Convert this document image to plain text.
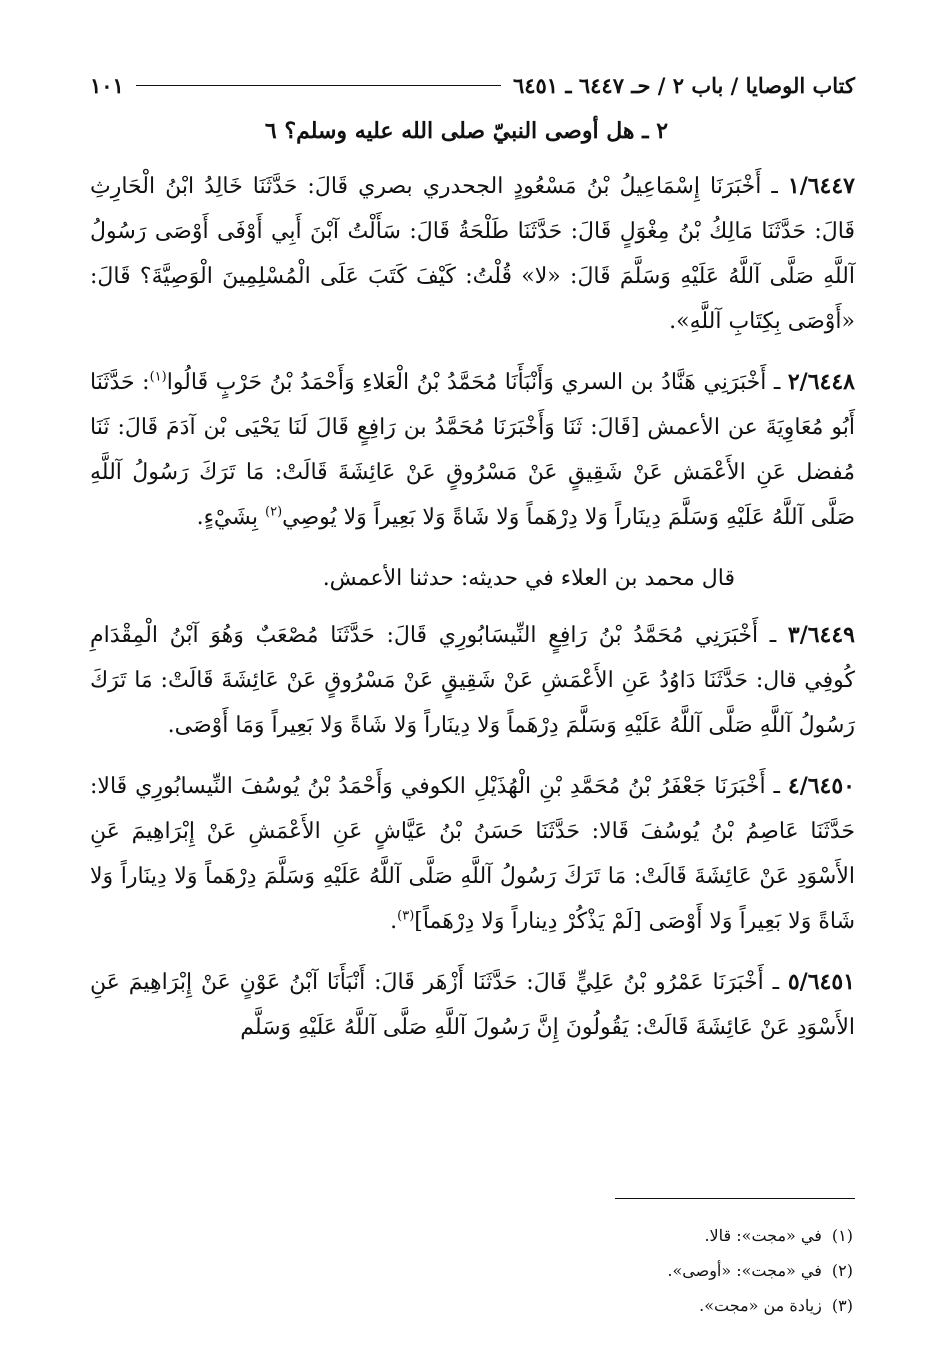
كتاب الوصايا / باب ٢ / حـ ٦٤٤٧ ـ ٦٤٥١
١٠١
٢ ـ هل أوصى النبيّ صلى الله عليه وسلم؟ ٦

١/٦٤٤٧ ـ أَخْبَرَنَا إِسْمَاعِيلُ بْنُ مَسْعُودٍ الجحدري بصري قَالَ: حَدَّثَنَا خَالِدُ ابْنُ الْحَارِثِ قَالَ: حَدَّثَنَا مَالِكُ بْنُ مِغْوَلٍ قَالَ: حَدَّثَنَا طَلْحَةُ قَالَ: سَأَلْتُ آبْنَ أَبِي أَوْفَى أَوْصَى رَسُولُ آللَّهِ صَلَّى آللَّهُ عَلَيْهِ وَسَلَّمَ قَالَ: «لا» قُلْتُ: كَيْفَ كَتَبَ عَلَى الْمُسْلِمِينَ الْوَصِيَّةَ؟ قَالَ: «أَوْصَى بِكِتَابِ آللَّهِ».

٢/٦٤٤٨ ـ أَخْبَرَنِي هَنَّادُ بن السري وَأَنْبَأَنَا مُحَمَّدُ بْنُ الْعَلاءِ وَأَحْمَدُ بْنُ حَرْبٍ قَالُوا$^{(١)}$: حَدَّثَنَا أَبُو مُعَاوِيَةَ عن الأعمش [قَالَ: ثَنَا وَأَخْبَرَنَا مُحَمَّدُ بن رَافِعٍ قَالَ لَنَا يَحْيَى بْن آدَمَ قَالَ: ثَنَا مُفضل عَنِ الأَعْمَش عَنْ شَقِيقٍ عَنْ مَسْرُوقٍ عَنْ عَائِشَةَ قَالَتْ: مَا تَرَكَ رَسُولُ آللَّهِ صَلَّى آللَّهُ عَلَيْهِ وَسَلَّمَ دِينَاراً وَلا دِرْهَماً وَلا شَاةً وَلا بَعِيراً وَلا يُوصِي$^{(٢)}$ بِشَيْءٍ.

قال محمد بن العلاء في حديثه: حدثنا الأعمش.

٣/٦٤٤٩ ـ أَخْبَرَنِي مُحَمَّدُ بْنُ رَافِعٍ النِّيسَابُورِي قَالَ: حَدَّثَنَا مُصْعَبٌ وَهُوَ آبْنُ الْمِقْدَامِ كُوفِي قال: حَدَّثَنَا دَاوُدُ عَنِ الأَعْمَشِ عَنْ شَقِيقٍ عَنْ مَسْرُوقٍ عَنْ عَائِشَةَ قَالَتْ: مَا تَرَكَ رَسُولُ آللَّهِ صَلَّى آللَّهُ عَلَيْهِ وَسَلَّمَ دِرْهَماً وَلا دِينَاراً وَلا شَاةً وَلا بَعِيراً وَمَا أَوْصَى.

٤/٦٤٥٠ ـ أَخْبَرَنَا جَعْفَرُ بْنُ مُحَمَّدِ بْنِ الْهُذَيْلِ الكوفي وَأَحْمَدُ بْنُ يُوسُفَ النِّيسابُورِي قَالا: حَدَّثَنَا عَاصِمُ بْنُ يُوسُفَ قَالا: حَدَّثَنَا حَسَنُ بْنُ عَيَّاشٍ عَنِ الأَعْمَشِ عَنْ إِبْرَاهِيمَ عَنِ الأَسْوَدِ عَنْ عَائِشَةَ قَالَتْ: مَا تَرَكَ رَسُولُ آللَّهِ صَلَّى آللَّهُ عَلَيْهِ وَسَلَّمَ دِرْهَماً وَلا دِينَاراً وَلا شَاةً وَلا بَعِيراً وَلا أَوْصَى [لَمْ يَذْكُرْ دِيناراً وَلا دِرْهَماً]$^{(٣)}$.

٥/٦٤٥١ ـ أَخْبَرَنَا عَمْرُو بْنُ عَلِيٍّ قَالَ: حَدَّثَنَا أَزْهَر قَالَ: أَنْبَأَنَا آبْنُ عَوْنٍ عَنْ إِبْرَاهِيمَ عَنِ الأَسْوَدِ عَنْ عَائِشَةَ قَالَتْ: يَقُولُونَ إِنَّ رَسُولَ آللَّهِ صَلَّى آللَّهُ عَلَيْهِ وَسَلَّم

(١)في «مجت»: قالا.
(٢)في «مجت»: «أوصى».
(٣)زيادة من «مجت».
